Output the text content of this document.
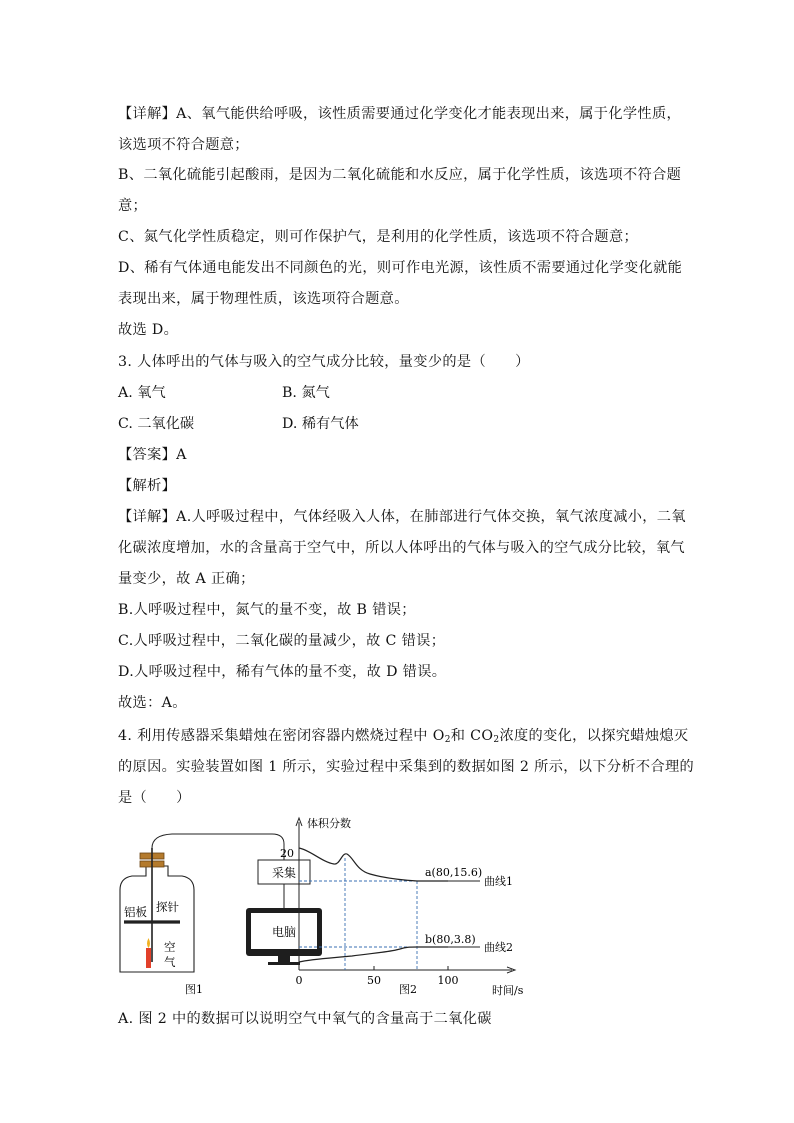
【详解】A、氧气能供给呼吸，该性质需要通过化学变化才能表现出来，属于化学性质，
该选项不符合题意；
B、二氧化硫能引起酸雨，是因为二氧化硫能和水反应，属于化学性质，该选项不符合题
意；
C、氮气化学性质稳定，则可作保护气，是利用的化学性质，该选项不符合题意；
D、稀有气体通电能发出不同颜色的光，则可作电光源，该性质不需要通过化学变化就能
表现出来，属于物理性质，该选项符合题意。
故选 D。
3. 人体呼出的气体与吸入的空气成分比较，量变少的是（　　）
A. 氧气	B. 氮气
C. 二氧化碳	D. 稀有气体
【答案】A
【解析】
【详解】A.人呼吸过程中，气体经吸入人体，在肺部进行气体交换，氧气浓度减小，二氧
化碳浓度增加，水的含量高于空气中，所以人体呼出的气体与吸入的空气成分比较，氧气
量变少，故 A 正确；
B.人呼吸过程中，氮气的量不变，故 B 错误；
C.人呼吸过程中，二氧化碳的量减少，故 C 错误；
D.人呼吸过程中，稀有气体的量不变，故 D 错误。
故选：A。
4. 利用传感器采集蜡烛在密闭容器内燃烧过程中 $O_2$和 $CO_2$浓度的变化，以探究蜡烛熄灭
的原因。实验装置如图 1 所示，实验过程中采集到的数据如图 2 所示，以下分析不合理的
是（　　）
采集
电脑
铝板 探针
空
气
图1
体积分数
20
0	50	100
时间/s
a(80,15.6)
b(80,3.8)
曲线1
曲线2
图2
A. 图 2 中的数据可以说明空气中氧气的含量高于二氧化碳
